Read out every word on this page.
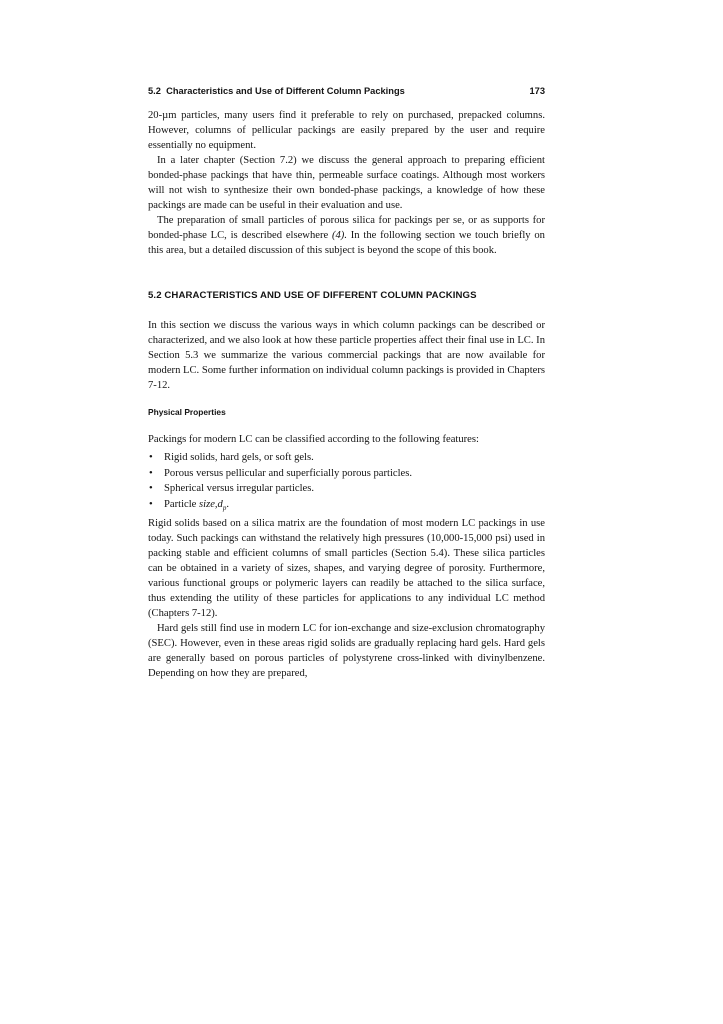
5.2 Characteristics and Use of Different Column Packings	173

20-µm particles, many users find it preferable to rely on purchased, prepacked columns. However, columns of pellicular packings are easily prepared by the user and require essentially no equipment.

In a later chapter (Section 7.2) we discuss the general approach to preparing efficient bonded-phase packings that have thin, permeable surface coatings. Although most workers will not wish to synthesize their own bonded-phase packings, a knowledge of how these packings are made can be useful in their evaluation and use.

The preparation of small particles of porous silica for packings per se, or as supports for bonded-phase LC, is described elsewhere (4). In the following section we touch briefly on this area, but a detailed discussion of this subject is beyond the scope of this book.

5.2 CHARACTERISTICS AND USE OF DIFFERENT COLUMN PACKINGS

In this section we discuss the various ways in which column packings can be described or characterized, and we also look at how these particle properties affect their final use in LC. In Section 5.3 we summarize the various commercial packings that are now available for modern LC. Some further information on individual column packings is provided in Chapters 7-12.

Physical Properties

Packings for modern LC can be classified according to the following features:

• Rigid solids, hard gels, or soft gels.
• Porous versus pellicular and superficially porous particles.
• Spherical versus irregular particles.
• Particle $size,d_p$.

Rigid solids based on a silica matrix are the foundation of most modern LC packings in use today. Such packings can withstand the relatively high pressures (10,000-15,000 psi) used in packing stable and efficient columns of small particles (Section 5.4). These silica particles can be obtained in a variety of sizes, shapes, and varying degree of porosity. Furthermore, various functional groups or polymeric layers can readily be attached to the silica surface, thus extending the utility of these particles for applications to any individual LC method (Chapters 7-12).

Hard gels still find use in modern LC for ion-exchange and size-exclusion chromatography (SEC). However, even in these areas rigid solids are gradually replacing hard gels. Hard gels are generally based on porous particles of polystyrene cross-linked with divinylbenzene. Depending on how they are prepared,
